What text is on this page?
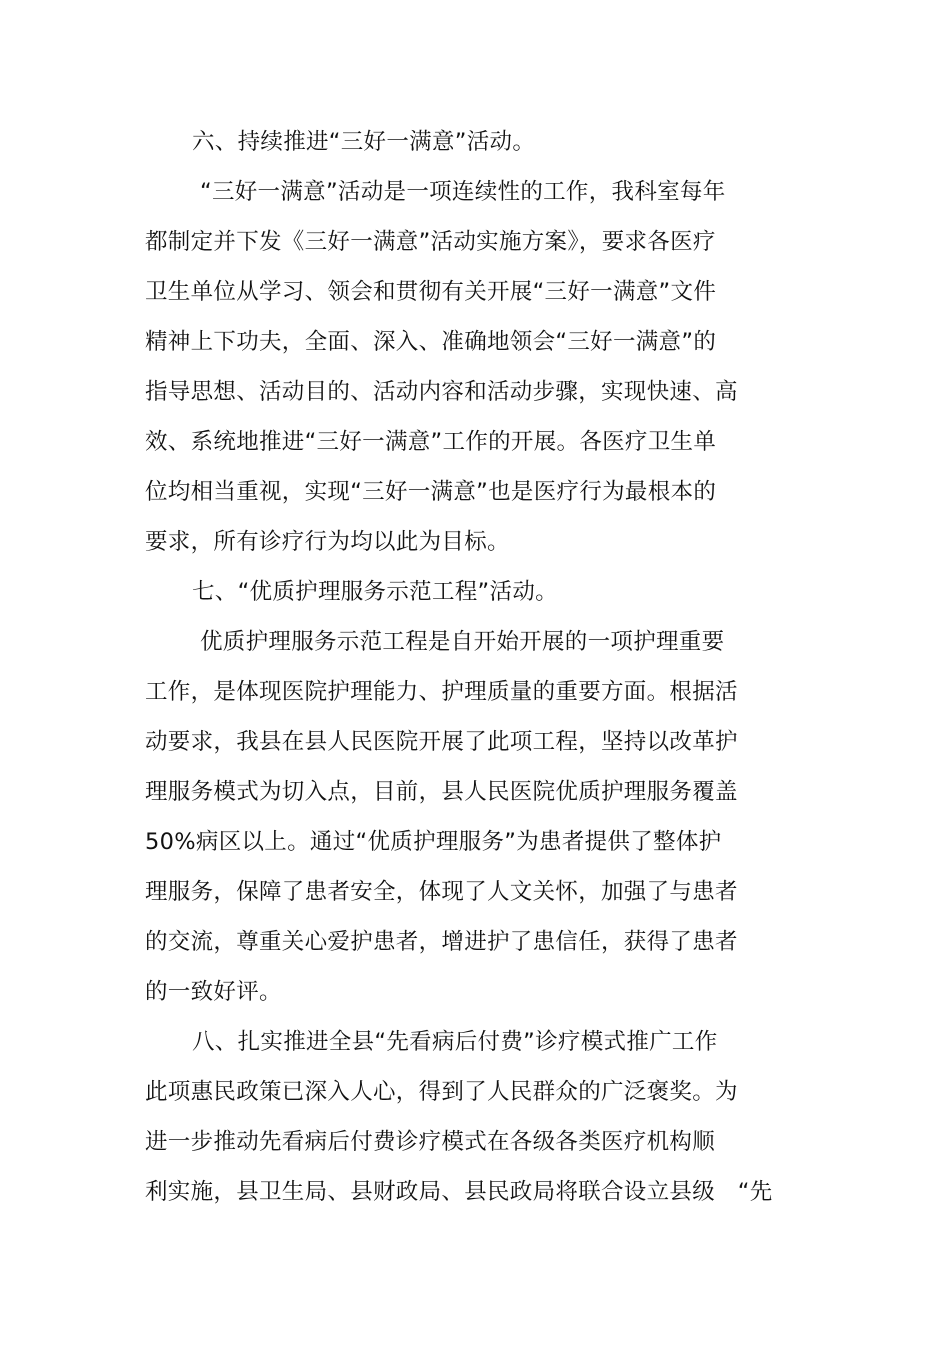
六、持续推进“三好一满意”活动。
“三好一满意”活动是一项连续性的工作，我科室每年
都制定并下发《三好一满意”活动实施方案》，要求各医疗
卫生单位从学习、领会和贯彻有关开展“三好一满意”文件
精神上下功夫，全面、深入、准确地领会“三好一满意”的
指导思想、活动目的、活动内容和活动步骤，实现快速、高
效、系统地推进“三好一满意”工作的开展。各医疗卫生单
位均相当重视，实现“三好一满意”也是医疗行为最根本的
要求，所有诊疗行为均以此为目标。
七、“优质护理服务示范工程”活动。
优质护理服务示范工程是自开始开展的一项护理重要
工作，是体现医院护理能力、护理质量的重要方面。根据活
动要求，我县在县人民医院开展了此项工程，坚持以改革护
理服务模式为切入点，目前，县人民医院优质护理服务覆盖
50%病区以上。通过“优质护理服务”为患者提供了整体护
理服务，保障了患者安全，体现了人文关怀，加强了与患者
的交流，尊重关心爱护患者，增进护了患信任，获得了患者
的一致好评。
八、扎实推进全县“先看病后付费”诊疗模式推广工作
此项惠民政策已深入人心，得到了人民群众的广泛褒奖。为
进一步推动先看病后付费诊疗模式在各级各类医疗机构顺
利实施，县卫生局、县财政局、县民政局将联合设立县级　“先
